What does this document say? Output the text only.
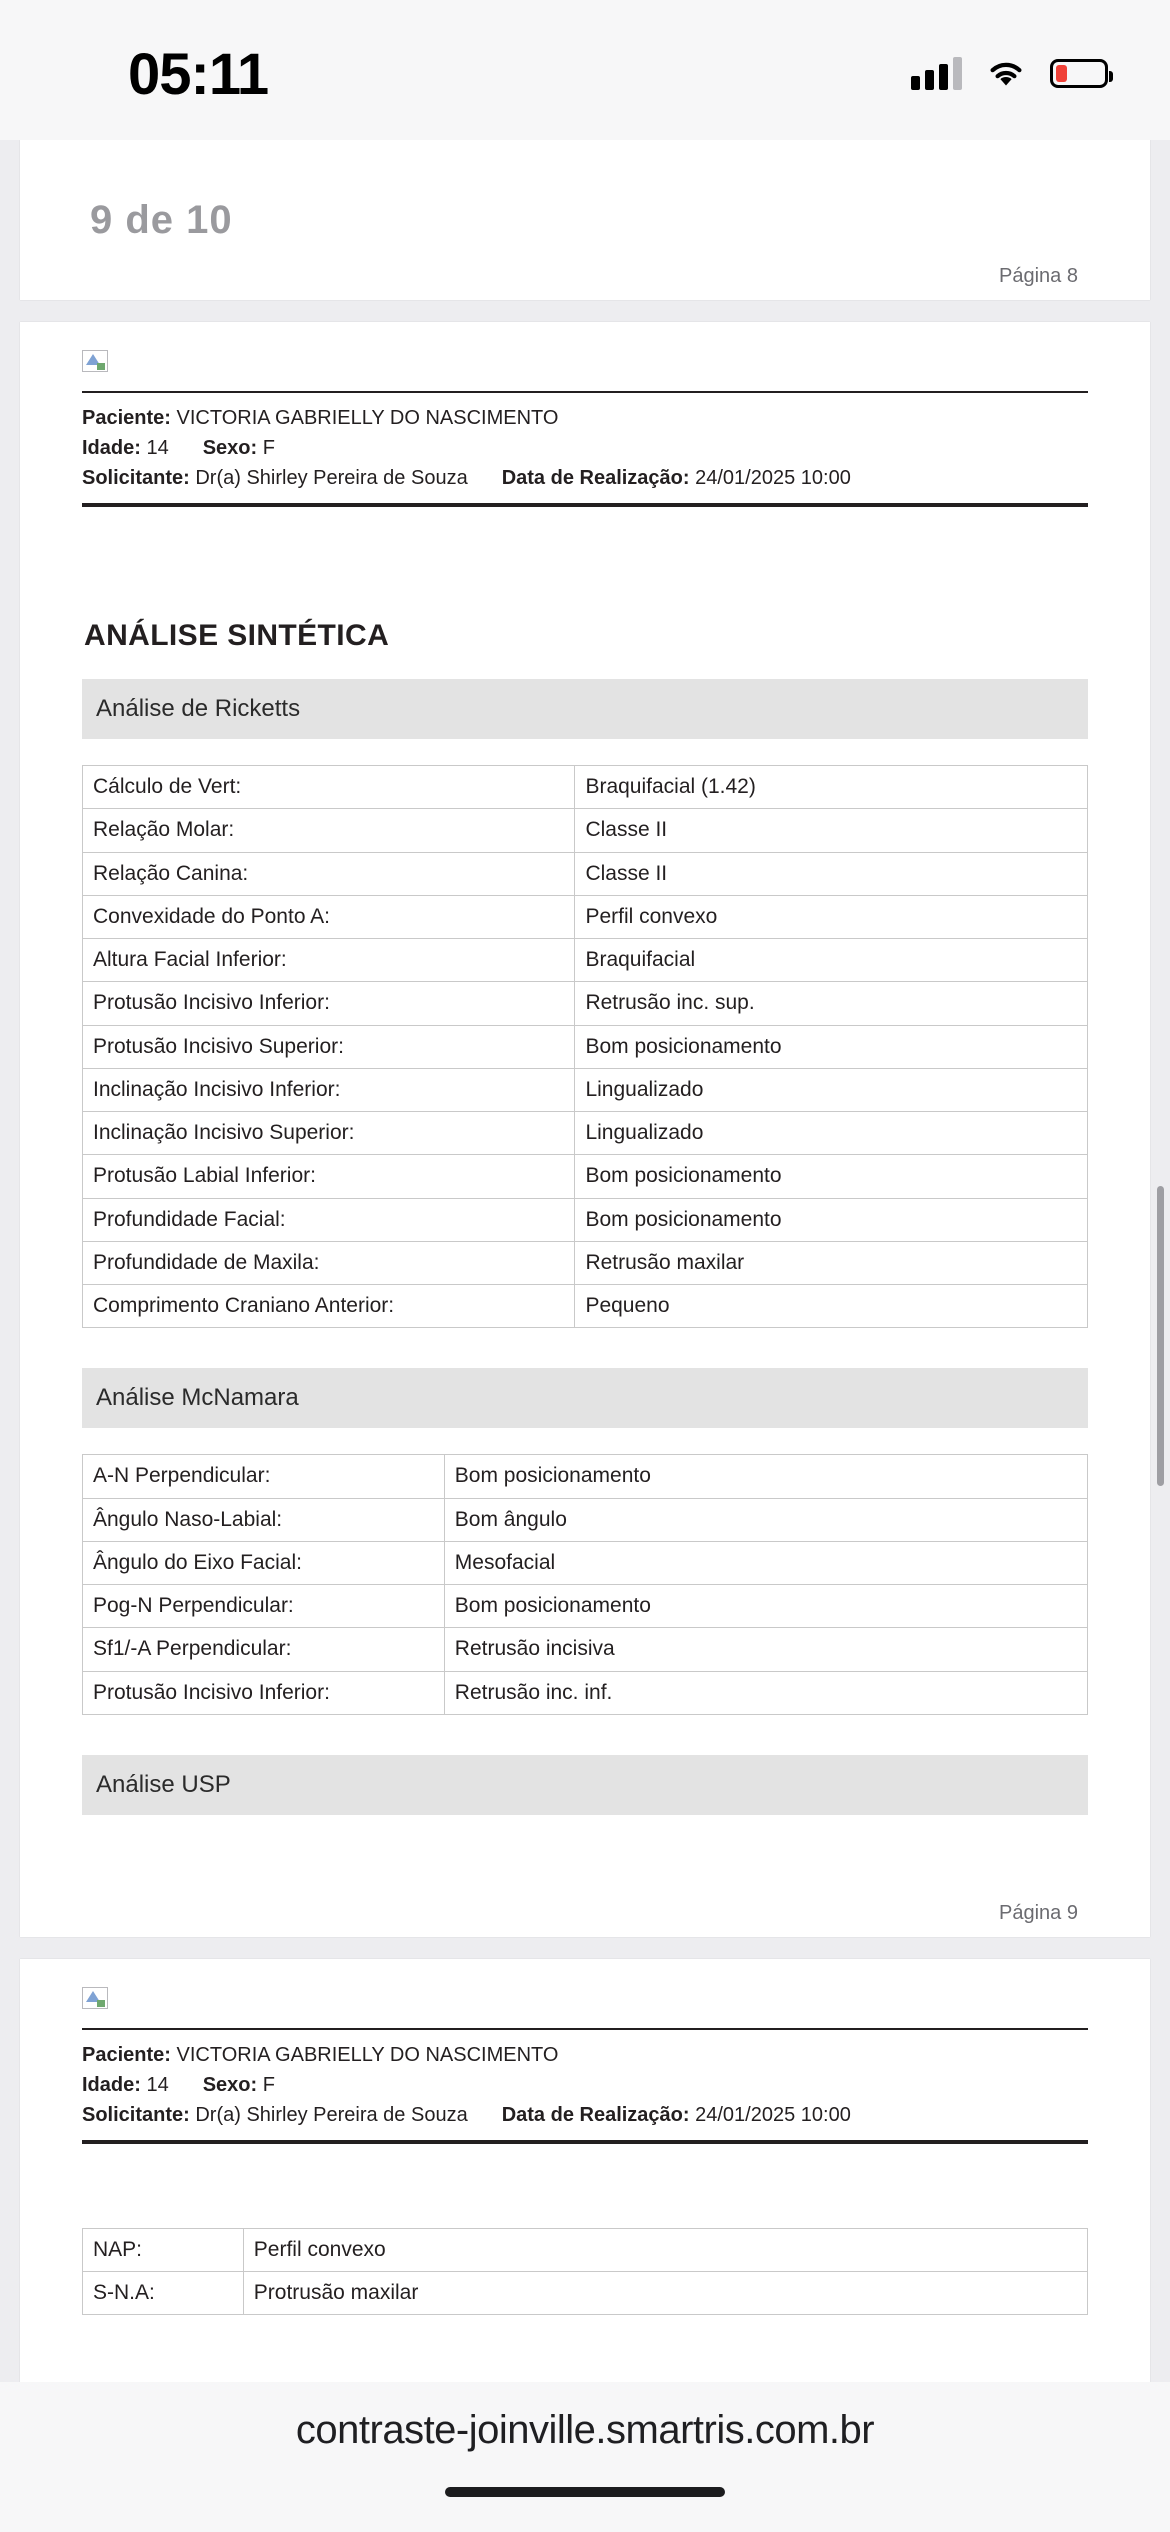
05:11
9 de 10
Página 8
Paciente: VICTORIA GABRIELLY DO NASCIMENTO
Idade: 14 Sexo: F
Solicitante: Dr(a) Shirley Pereira de Souza Data de Realização: 24/01/2025 10:00
ANÁLISE SINTÉTICA
Análise de Ricketts
Cálculo de Vert:	Braquifacial (1.42)
Relação Molar:	Classe II
Relação Canina:	Classe II
Convexidade do Ponto A:	Perfil convexo
Altura Facial Inferior:	Braquifacial
Protusão Incisivo Inferior:	Retrusão inc. sup.
Protusão Incisivo Superior:	Bom posicionamento
Inclinação Incisivo Inferior:	Lingualizado
Inclinação Incisivo Superior:	Lingualizado
Protusão Labial Inferior:	Bom posicionamento
Profundidade Facial:	Bom posicionamento
Profundidade de Maxila:	Retrusão maxilar
Comprimento Craniano Anterior:	Pequeno
Análise McNamara
A-N Perpendicular:	Bom posicionamento
Ângulo Naso-Labial:	Bom ângulo
Ângulo do Eixo Facial:	Mesofacial
Pog-N Perpendicular:	Bom posicionamento
Sf1/-A Perpendicular:	Retrusão incisiva
Protusão Incisivo Inferior:	Retrusão inc. inf.
Análise USP
Página 9
Paciente: VICTORIA GABRIELLY DO NASCIMENTO
Idade: 14 Sexo: F
Solicitante: Dr(a) Shirley Pereira de Souza Data de Realização: 24/01/2025 10:00
NAP:	Perfil convexo
S-N.A:	Protrusão maxilar
contraste-joinville.smartris.com.br
